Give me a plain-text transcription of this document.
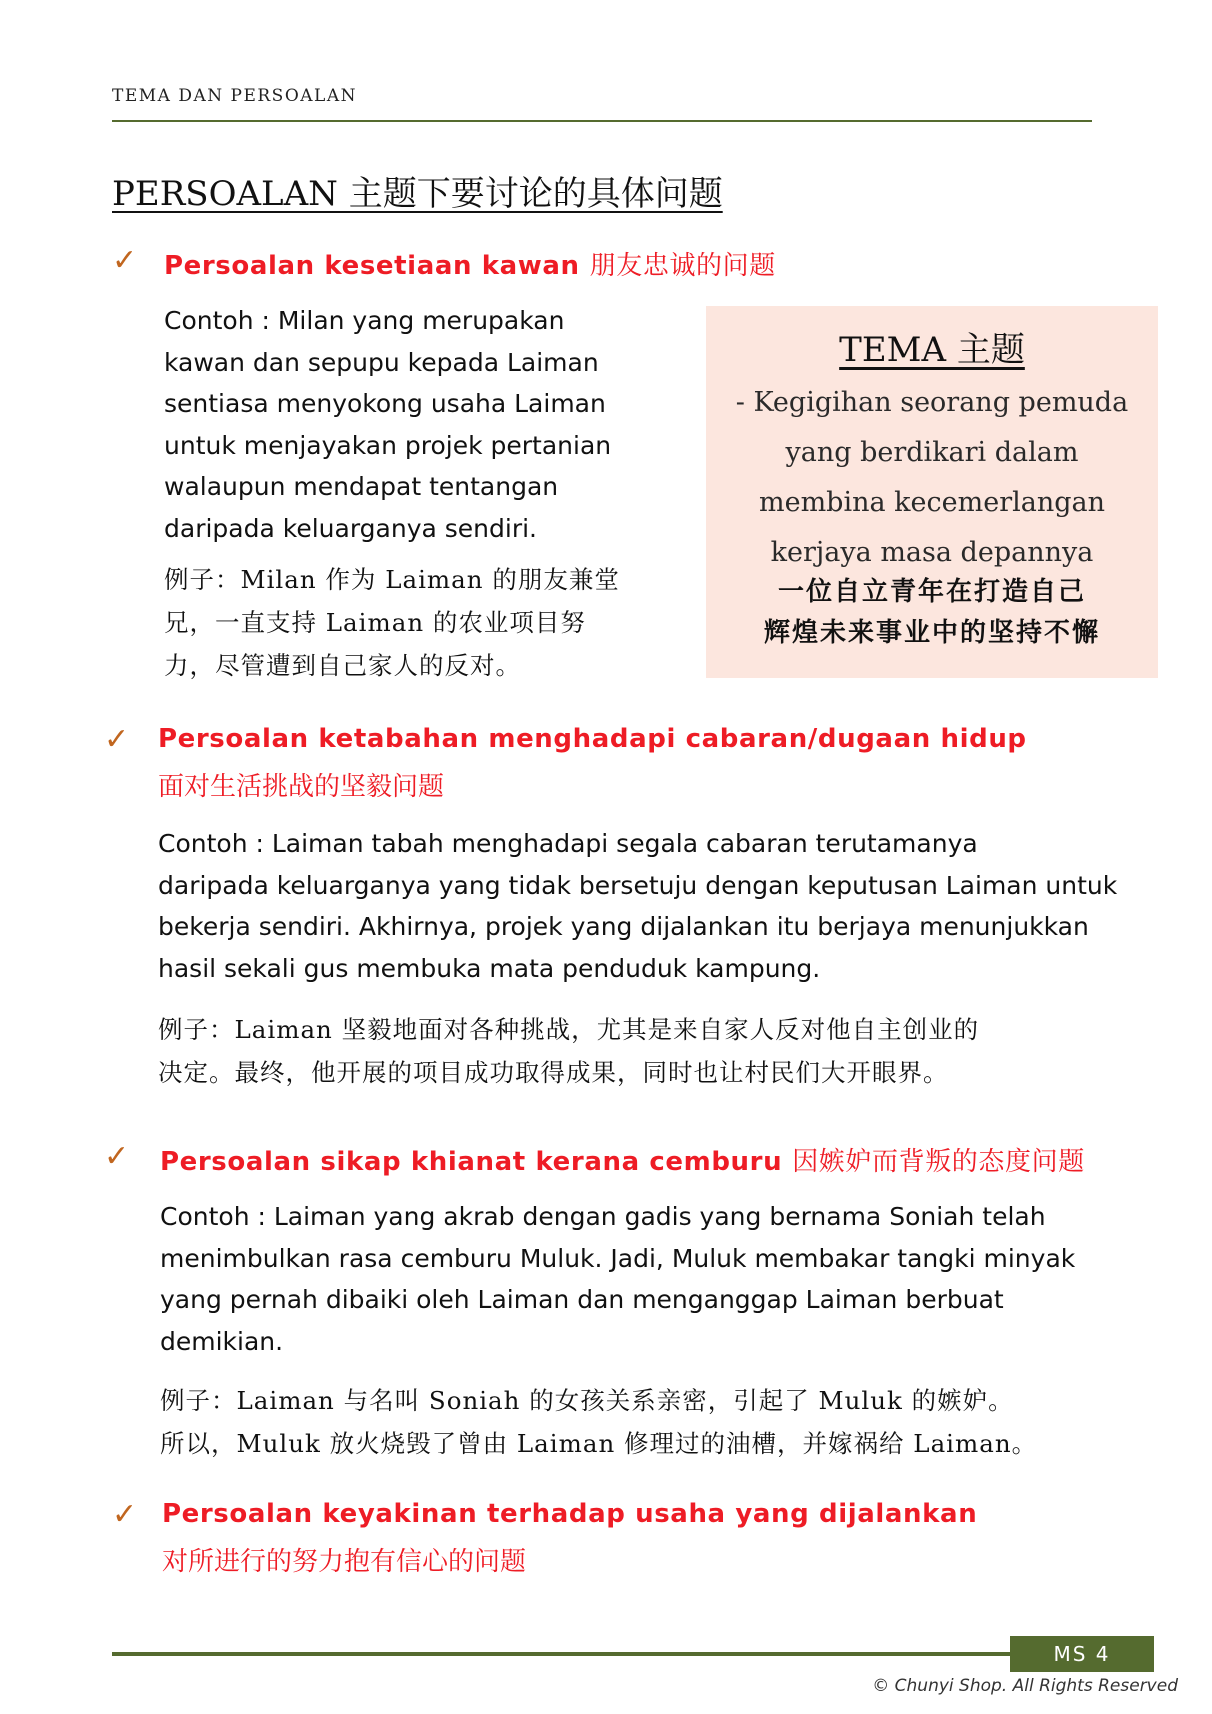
TEMA DAN PERSOALAN
PERSOALAN 主题下要讨论的具体问题
✓ Persoalan kesetiaan kawan 朋友忠诚的问题
Contoh : Milan yang merupakan
kawan dan sepupu kepada Laiman
sentiasa menyokong usaha Laiman
untuk menjayakan projek pertanian
walaupun mendapat tentangan
daripada keluarganya sendiri.
例子：Milan 作为 Laiman 的朋友兼堂
兄，一直支持 Laiman 的农业项目努
力，尽管遭到自己家人的反对。
TEMA 主题
- Kegigihan seorang pemuda
yang berdikari dalam
membina kecemerlangan
kerjaya masa depannya
一位自立青年在打造自己
辉煌未来事业中的坚持不懈
✓ Persoalan ketabahan menghadapi cabaran/dugaan hidup
面对生活挑战的坚毅问题
Contoh : Laiman tabah menghadapi segala cabaran terutamanya
daripada keluarganya yang tidak bersetuju dengan keputusan Laiman untuk
bekerja sendiri. Akhirnya, projek yang dijalankan itu berjaya menunjukkan
hasil sekali gus membuka mata penduduk kampung.
例子：Laiman 坚毅地面对各种挑战，尤其是来自家人反对他自主创业的
决定。最终，他开展的项目成功取得成果，同时也让村民们大开眼界。
✓ Persoalan sikap khianat kerana cemburu 因嫉妒而背叛的态度问题
Contoh : Laiman yang akrab dengan gadis yang bernama Soniah telah
menimbulkan rasa cemburu Muluk. Jadi, Muluk membakar tangki minyak
yang pernah dibaiki oleh Laiman dan menganggap Laiman berbuat
demikian.
例子：Laiman 与名叫 Soniah 的女孩关系亲密，引起了 Muluk 的嫉妒。
所以，Muluk 放火烧毁了曾由 Laiman 修理过的油槽，并嫁祸给 Laiman。
✓ Persoalan keyakinan terhadap usaha yang dijalankan
对所进行的努力抱有信心的问题
MS 4
© Chunyi Shop. All Rights Reserved
